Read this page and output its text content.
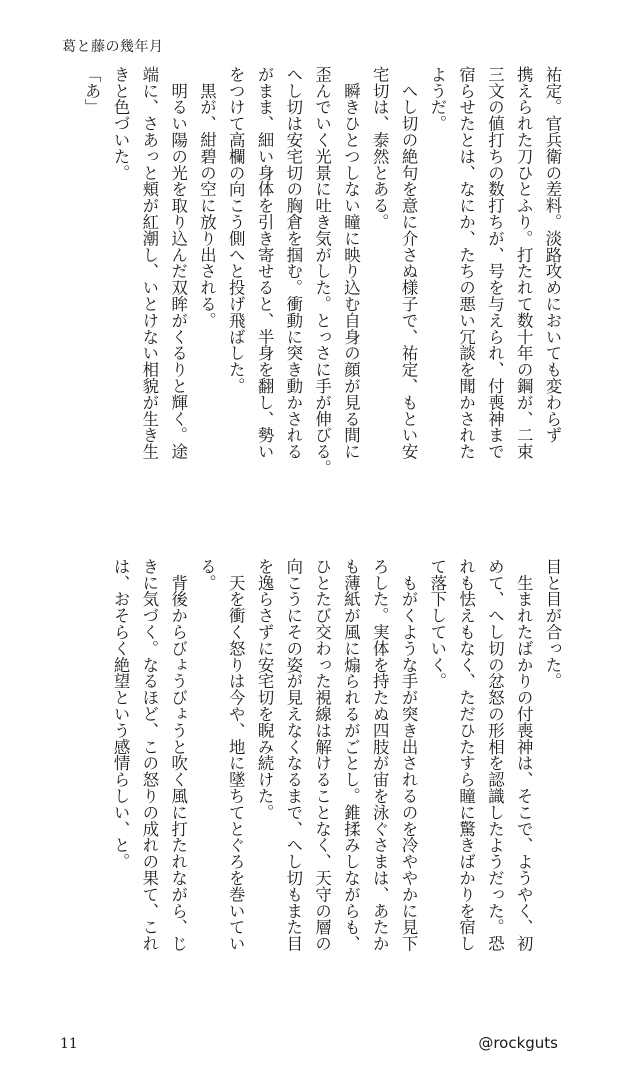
葛と藤の幾年月

祐定。官兵衛の差料。淡路攻めにおいても変わらず

携えられた刀ひとふり。打たれて数十年の鋼が、二束

三文の値打ちの数打ちが、号を与えられ、付喪神まで

宿らせたとは、なにか、たちの悪い冗談を聞かされた

ようだ。

　へし切の絶句を意に介さぬ様子で、祐定、もとい安

宅切は、泰然とある。

　瞬きひとつしない瞳に映り込む自身の顔が見る間に

歪んでいく光景に吐き気がした。とっさに手が伸びる。

へし切は安宅切の胸倉を掴む。衝動に突き動かされる

がまま、細い身体を引き寄せると、半身を翻し、勢い

をつけて高欄の向こう側へと投げ飛ばした。

　黒が、紺碧の空に放り出される。

　明るい陽の光を取り込んだ双眸がくるりと輝く。途

端に、さあっと頬が紅潮し、いとけない相貌が生き生

きと色づいた。

「あ」

目と目が合った。

　生まれたばかりの付喪神は、そこで、ようやく、初

めて、へし切の忿怒の形相を認識したようだった。恐

れも怯えもなく、ただひたすら瞳に驚きばかりを宿し

て落下していく。

　もがくような手が突き出されるのを冷ややかに見下

ろした。実体を持たぬ四肢が宙を泳ぐさまは、あたか

も薄紙が風に煽られるがごとし。錐揉みしながらも、

ひとたび交わった視線は解けることなく、天守の層の

向こうにその姿が見えなくなるまで、へし切もまた目

を逸らさずに安宅切を睨み続けた。

　天を衝く怒りは今や、地に墜ちてとぐろを巻いてい

る。

　背後からびょうびょうと吹く風に打たれながら、じ

きに気づく。なるほど、この怒りの成れの果て、これ

は、おそらく絶望という感情らしい、と。

11	@rockguts
